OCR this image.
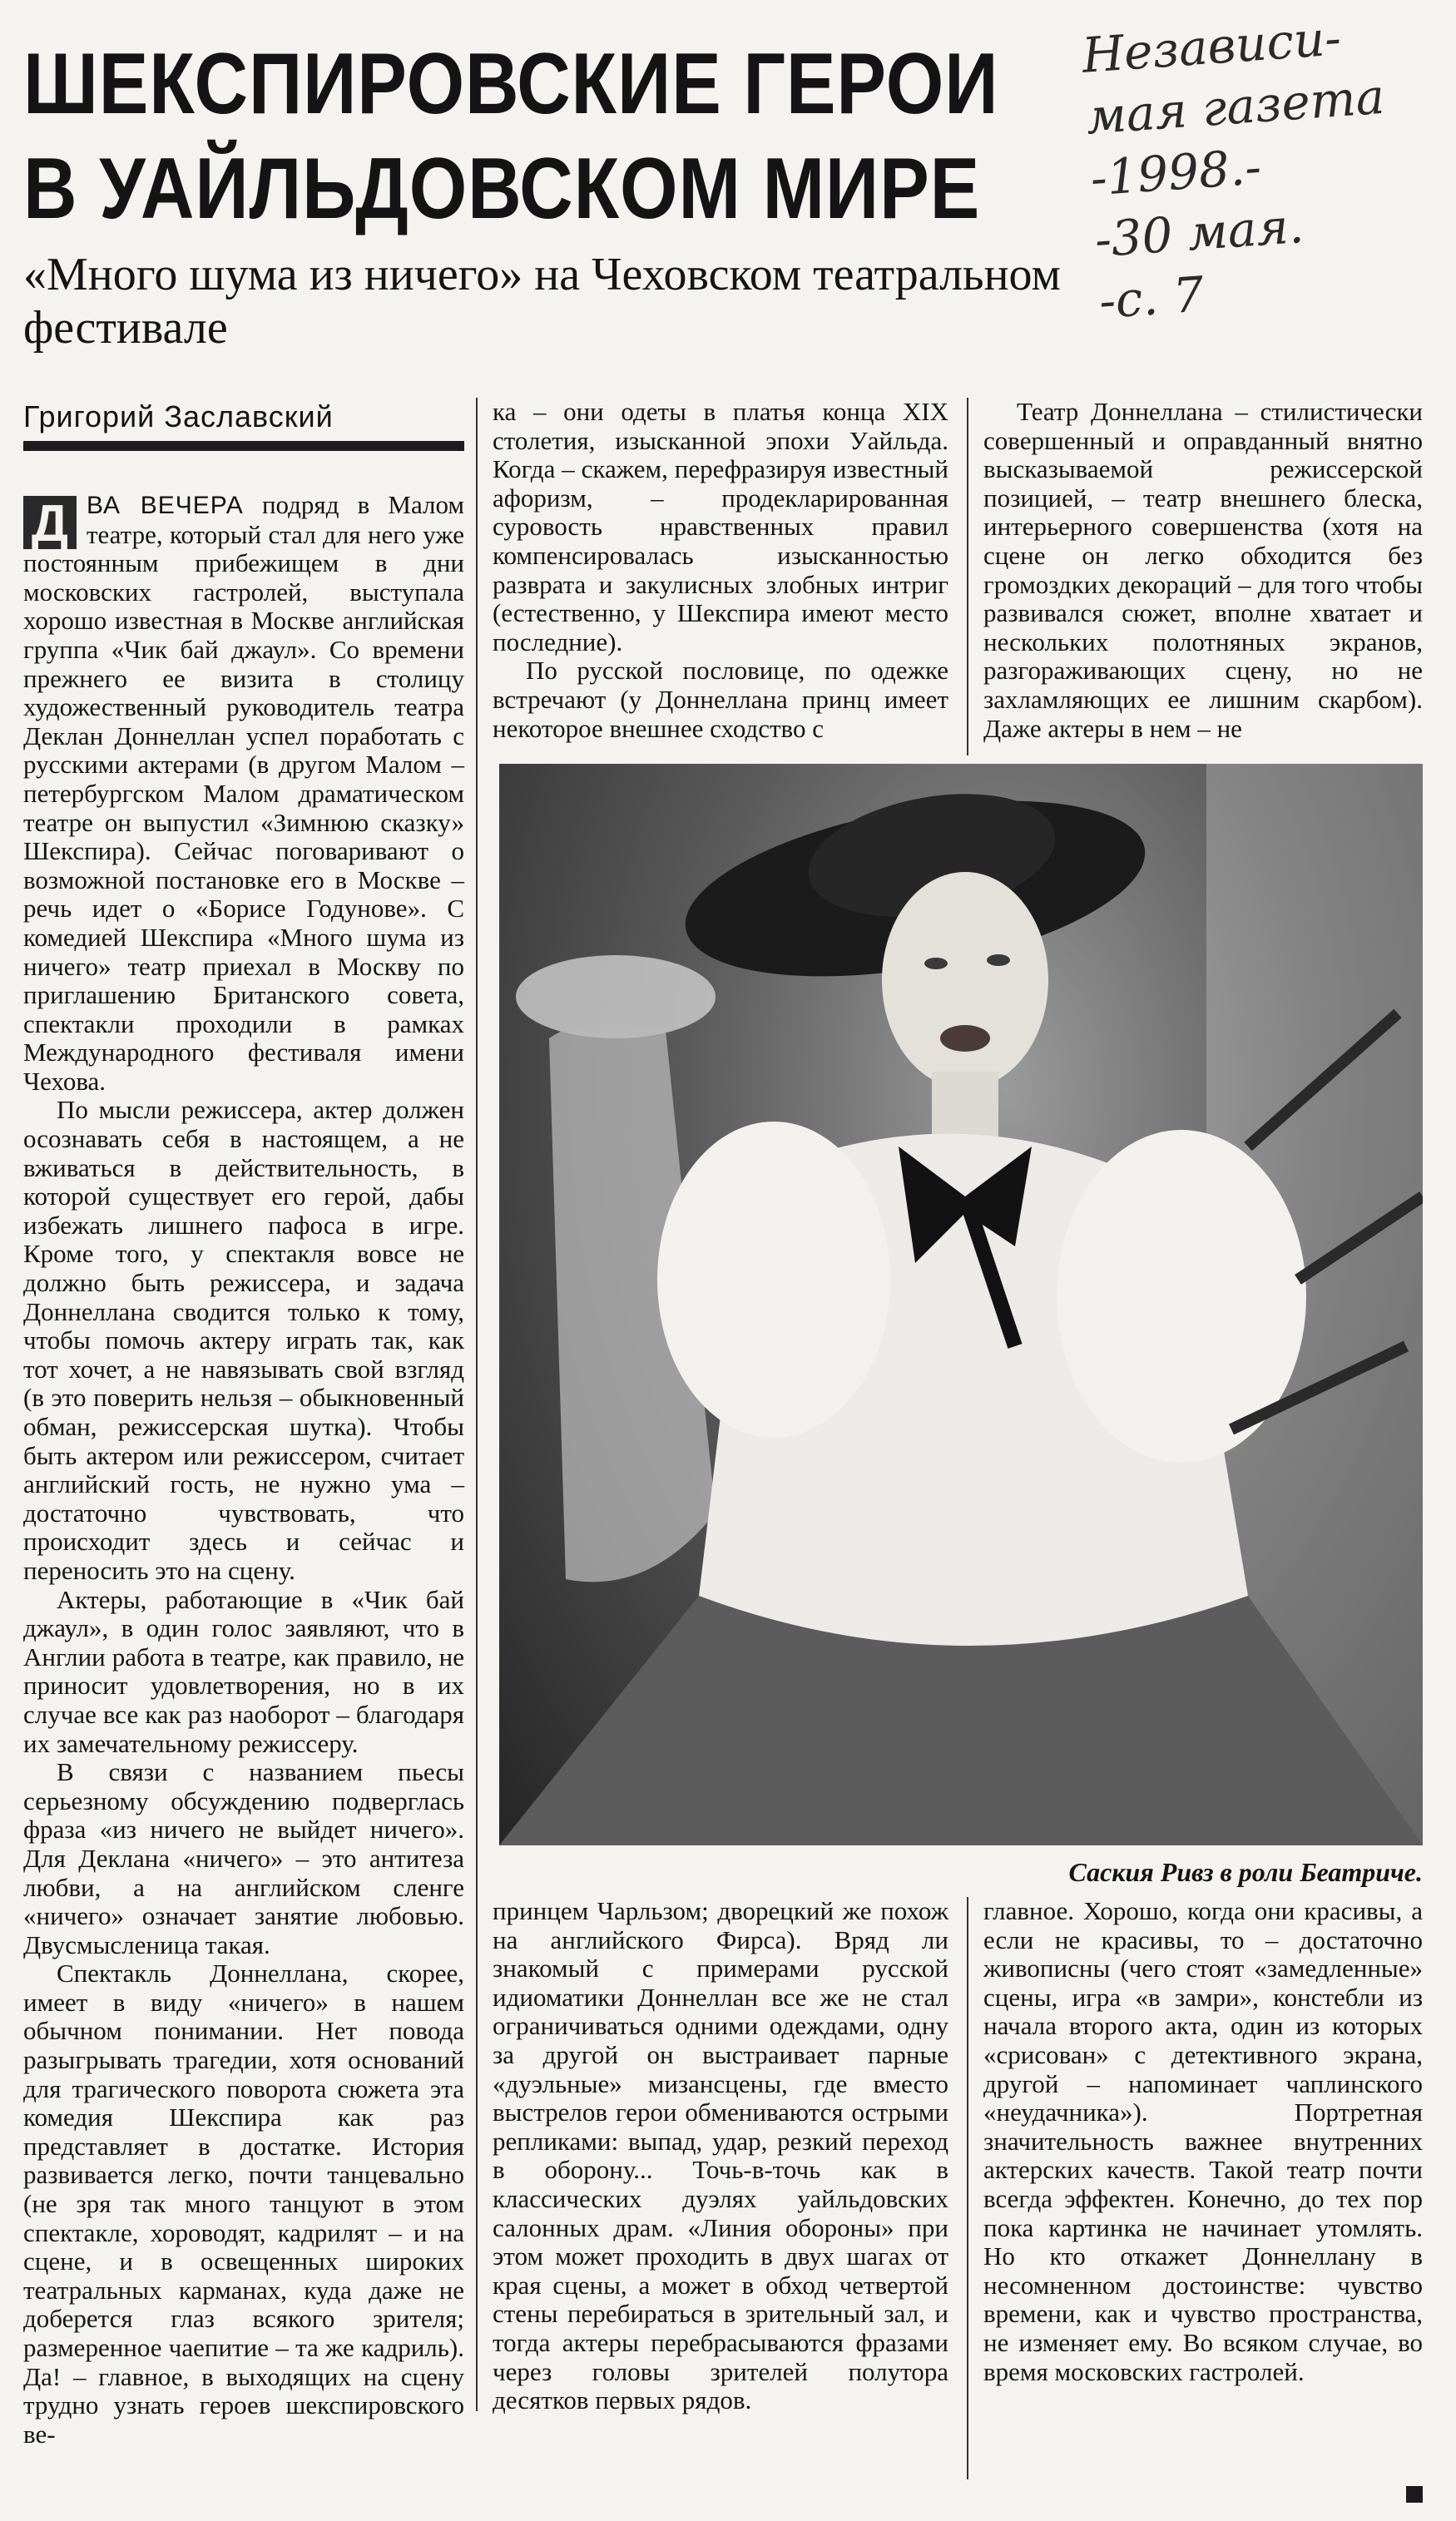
ШЕКСПИРОВСКИЕ ГЕРОИ
В УАЙЛЬДОВСКОМ МИРЕ
Независи-
мая газета
-1998.-
-30 мая.
-с. 7
«Много шума из ничего» на Чеховском театральном фестивале
Григорий Заславский

Д ВА ВЕЧЕРА подряд в Малом театре, который стал для него уже постоянным прибежищем в дни московских гастролей, выступала хорошо известная в Москве английская группа «Чик бай джаул». Со времени прежнего ее визита в столицу художественный руководитель театра Деклан Доннеллан успел поработать с русскими актерами (в другом Малом – петербургском Малом драматическом театре он выпустил «Зимнюю сказку» Шекспира). Сейчас поговаривают о возможной постановке его в Москве – речь идет о «Борисе Годунове». С комедией Шекспира «Много шума из ничего» театр приехал в Москву по приглашению Британского совета, спектакли проходили в рамках Международного фестиваля имени Чехова.

По мысли режиссера, актер должен осознавать себя в настоящем, а не вживаться в действительность, в которой существует его герой, дабы избежать лишнего пафоса в игре. Кроме того, у спектакля вовсе не должно быть режиссера, и задача Доннеллана сводится только к тому, чтобы помочь актеру играть так, как тот хочет, а не навязывать свой взгляд (в это поверить нельзя – обыкновенный обман, режиссерская шутка). Чтобы быть актером или режиссером, считает английский гость, не нужно ума – достаточно чувствовать, что происходит здесь и сейчас и переносить это на сцену.

Актеры, работающие в «Чик бай джаул», в один голос заявляют, что в Англии работа в театре, как правило, не приносит удовлетворения, но в их случае все как раз наоборот – благодаря их замечательному режиссеру.

В связи с названием пьесы серьезному обсуждению подверглась фраза «из ничего не выйдет ничего». Для Деклана «ничего» – это антитеза любви, а на английском сленге «ничего» означает занятие любовью. Двусмысленица такая.

Спектакль Доннеллана, скорее, имеет в виду «ничего» в нашем обычном понимании. Нет повода разыгрывать трагедии, хотя оснований для трагического поворота сюжета эта комедия Шекспира как раз представляет в достатке. История развивается легко, почти танцевально (не зря так много танцуют в этом спектакле, хороводят, кадрилят – и на сцене, и в освещенных широких театральных карманах, куда даже не доберется глаз всякого зрителя; размеренное чаепитие – та же кадриль). Да! – главное, в выходящих на сцену трудно узнать героев шекспировского ве-

ка – они одеты в платья конца XIX столетия, изысканной эпохи Уайльда. Когда – скажем, перефразируя известный афоризм, – продекларированная суровость нравственных правил компенсировалась изысканностью разврата и закулисных злобных интриг (естественно, у Шекспира имеют место последние).

По русской пословице, по одежке встречают (у Доннеллана принц имеет некоторое внешнее сходство с

Театр Доннеллана – стилистически совершенный и оправданный внятно высказываемой режиссерской позицией, – театр внешнего блеска, интерьерного совершенства (хотя на сцене он легко обходится без громоздких декораций – для того чтобы развивался сюжет, вполне хватает и нескольких полотняных экранов, разгораживающих сцену, но не захламляющих ее лишним скарбом). Даже актеры в нем – не

Саския Ривз в роли Беатриче.

принцем Чарльзом; дворецкий же похож на английского Фирса). Вряд ли знакомый с примерами русской идиоматики Доннеллан все же не стал ограничиваться одними одеждами, одну за другой он выстраивает парные «дуэльные» мизансцены, где вместо выстрелов герои обмениваются острыми репликами: выпад, удар, резкий переход в оборону... Точь-в-точь как в классических дуэлях уайльдовских салонных драм. «Линия обороны» при этом может проходить в двух шагах от края сцены, а может в обход четвертой стены перебираться в зрительный зал, и тогда актеры перебрасываются фразами через головы зрителей полутора десятков первых рядов.

главное. Хорошо, когда они красивы, а если не красивы, то – достаточно живописны (чего стоят «замедленные» сцены, игра «в замри», констебли из начала второго акта, один из которых «срисован» с детективного экрана, другой – напоминает чаплинского «неудачника»). Портретная значительность важнее внутренних актерских качеств. Такой театр почти всегда эффектен. Конечно, до тех пор пока картинка не начинает утомлять. Но кто откажет Доннеллану в несомненном достоинстве: чувство времени, как и чувство пространства, не изменяет ему. Во всяком случае, во время московских гастролей.
